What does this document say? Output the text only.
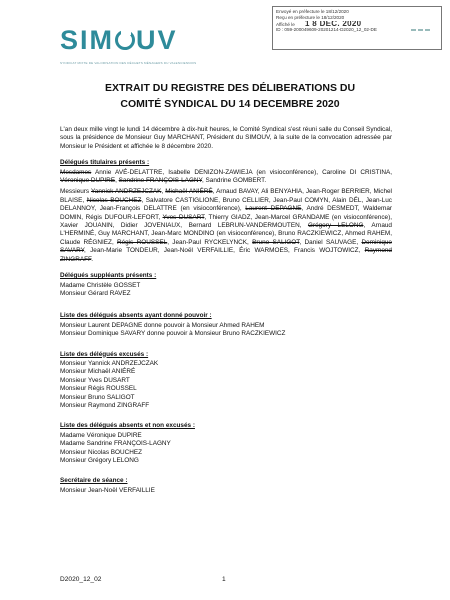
Envoyé en préfecture le 18/12/2020
Reçu en préfecture le 18/12/2020
Affiché le 1 8 DEC. 2020
ID : 059-200049609-20201214-D2020_12_02-DE
SIM UV
SYNDICAT MIXTE DE VALORISATION DES DÉCHETS MÉNAGERS DU VALENCIENNOIS
EXTRAIT DU REGISTRE DES DÉLIBERATIONS DU
COMITÉ SYNDICAL DU 14 DECEMBRE 2020

L'an deux mille vingt le lundi 14 décembre à dix-huit heures, le Comité Syndical s'est réuni salle du Conseil Syndical, sous la présidence de Monsieur Guy MARCHANT, Président du SIMOUV, à la suite de la convocation adressée par Monsieur le Président et affichée le 8 décembre 2020.

Délégués titulaires présents :

Mesdames Annie AVÉ-DELATTRE, Isabelle DENIZON-ZAWIEJA (en visioconférence), Caroline DI CRISTINA, Véronique DUPIRE, Sandrine FRANÇOIS-LAGNY, Sandrine GOMBERT.

Messieurs Yannick ANDRZEJCZAK, Michaël ANIÉRÉ, Arnaud BAVAY, Ali BENYAHIA, Jean-Roger BERRIER, Michel BLAISE, Nicolas BOUCHEZ, Salvatore CASTIGLIONE, Bruno CELLIER, Jean-Paul COMYN, Alain DÉL, Jean-Luc DELANNOY, Jean-François DELATTRE (en visioconférence), Laurent DEPAGNE, André DESMEDT, Waldemar DOMIN, Régis DUFOUR-LEFORT, Yves DUSART, Thierry GIADZ, Jean-Marcel GRANDAME (en visioconférence), Xavier JOUANIN, Didier JOVENIAUX, Bernard LEBRUN-VANDERMOUTEN, Grégory LELONG, Arnaud L'HERMINÉ, Guy MARCHANT, Jean-Marc MONDINO (en visioconférence), Bruno RACZKIEWICZ, Ahmed RAHEM, Claude RÉGNIEZ, Régis ROUSSEL, Jean-Paul RYCKELYNCK, Bruno SALIGOT, Daniel SAUVAGE, Dominique SAVARY, Jean-Marie TONDEUR, Jean-Noël VERFAILLIE, Éric WARMOES, Francis WOJTOWICZ, Raymond ZINGRAFF.

Délégués suppléants présents :
Madame Christèle GOSSET
Monsieur Gérard RAVEZ
Liste des délégués absents ayant donné pouvoir :
Monsieur Laurent DEPAGNE donne pouvoir à Monsieur Ahmed RAHEM
Monsieur Dominique SAVARY donne pouvoir à Monsieur Bruno RACZKIEWICZ
Liste des délégués excusés :
Monsieur Yannick ANDRZEJCZAK
Monsieur Michaël ANIÉRÉ
Monsieur Yves DUSART
Monsieur Régis ROUSSEL
Monsieur Bruno SALIGOT
Monsieur Raymond ZINGRAFF
Liste des délégués absents et non excusés :
Madame Véronique DUPIRE
Madame Sandrine FRANÇOIS-LAGNY
Monsieur Nicolas BOUCHEZ
Monsieur Grégory LELONG
Secrétaire de séance :
Monsieur Jean-Noël VERFAILLIE
D2020_12_02	1
